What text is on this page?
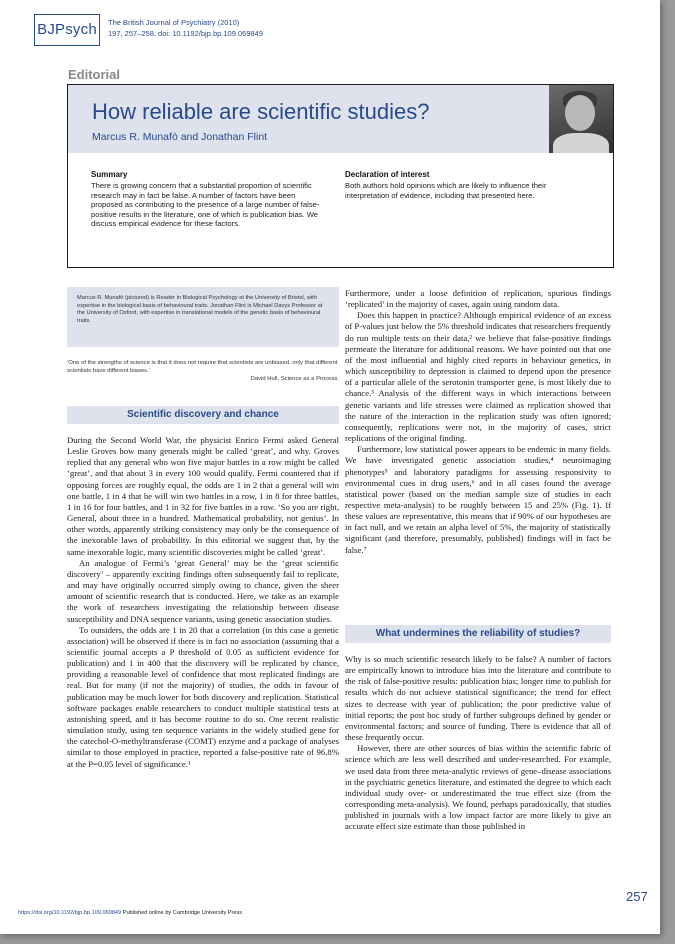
BJPsych	The British Journal of Psychiatry (2010)
197, 257–258. doi: 10.1192/bjp.bp.109.069849
Editorial
How reliable are scientific studies?
Marcus R. Munafò and Jonathan Flint
Summary
There is growing concern that a substantial proportion of scientific research may in fact be false. A number of factors have been proposed as contributing to the presence of a large number of false-positive results in the literature, one of which is publication bias. We discuss empirical evidence for these factors.
Declaration of interest
Both authors hold opinions which are likely to influence their interpretation of evidence, including that presented here.

Marcus R. Munafò (pictured) is Reader in Biological Psychology at the University of Bristol, with expertise in the biological basis of behavioural traits. Jonathan Flint is Michael Davys Professor at the University of Oxford, with expertise in translational models of the genetic basis of behavioural traits.

‘One of the strengths of science is that it does not require that scientists are unbiased, only that different scientists have different biases.’
David Hull, Science as a Process.
Scientific discovery and chance

During the Second World War, the physicist Enrico Fermi asked General Leslie Groves how many generals might be called ‘great’, and why. Groves replied that any general who won five major battles in a row might be called ‘great’, and that about 3 in every 100 would qualify. Fermi countered that if opposing forces are roughly equal, the odds are 1 in 2 that a general will win one battle, 1 in 4 that he will win two battles in a row, 1 in 8 for three battles, 1 in 16 for four battles, and 1 in 32 for five battles in a row. ‘So you are right, General, about three in a hundred. Mathematical probability, not genius’. In other words, apparently striking consistency may only be the consequence of the inexorable laws of probability. In this editorial we suggest that, by the same inexorable logic, many scientific discoveries might be called ‘great’.

An analogue of Fermi’s ‘great General’ may be the ‘great scientific discovery’ – apparently exciting findings often subsequently fail to replicate, and may have originally occurred simply owing to chance, given the sheer amount of scientific research that is conducted. Here, we take as an example the work of researchers investigating the relationship between disease susceptibility and DNA sequence variants, using genetic association studies.

To outsiders, the odds are 1 in 20 that a correlation (in this case a genetic association) will be observed if there is in fact no association (assuming that a scientific journal accepts a P threshold of 0.05 as sufficient evidence for publication) and 1 in 400 that the discovery will be replicated by chance, providing a reasonable level of confidence that most replicated findings are real. But for many (if not the majority) of studies, the odds in favour of publication may be much lower for both discovery and replication. Statistical software packages enable researchers to conduct multiple statistical tests at astonishing speed, and it has become routine to do so. One recent realistic simulation study, using ten sequence variants in the widely studied gene for the catechol-O-methyltransferase (COMT) enzyme and a package of analyses similar to those employed in practice, reported a false-positive rate of 96.8% at the P=0.05 level of significance.¹

Furthermore, under a loose definition of replication, spurious findings ‘replicated’ in the majority of cases, again using random data.

Does this happen in practice? Although empirical evidence of an excess of P-values just below the 5% threshold indicates that researchers frequently do run multiple tests on their data,² we believe that false-positive findings permeate the literature for additional reasons. We have pointed out that one of the most influential and highly cited reports in behaviour genetics, in which susceptibility to depression is claimed to depend upon the presence of a particular allele of the serotonin transporter gene, is most likely due to chance.³ Analysis of the different ways in which interactions between genetic variants and life stresses were claimed as replication showed that the nature of the interaction in the replication study was often ignored; consequently, replications were not, in the majority of cases, strict replications of the original finding.

Furthermore, low statistical power appears to be endemic in many fields. We have investigated genetic association studies,⁴ neuroimaging phenotypes⁵ and laboratory paradigms for assessing responsivity to environmental cues in drug users,⁶ and in all cases found the average statistical power (based on the median sample size of studies in each respective meta-analysis) to be roughly between 15 and 25% (Fig. 1). If these values are representative, this means that if 90% of our hypotheses are in fact null, and we retain an alpha level of 5%, the majority of statistically significant (and therefore, presumably, published) findings will in fact be false.⁷

What undermines the reliability of studies?

Why is so much scientific research likely to be false? A number of factors are empirically known to introduce bias into the literature and contribute to the risk of false-positive results: publication bias; longer time to publish for results which do not achieve statistical significance; the trend for effect sizes to decrease with year of publication; the poor predictive value of initial reports; the post hoc study of further subgroups defined by gender or environmental factors; and source of funding. There is evidence that all of these frequently occur.

However, there are other sources of bias within the scientific fabric of science which are less well described and under-researched. For example, we used data from three meta-analytic reviews of gene–disease associations in the psychiatric genetics literature, and estimated the degree to which each individual study over- or underestimated the true effect size (from the corresponding meta-analysis). We found, perhaps paradoxically, that studies published in journals with a low impact factor are more likely to give an accurate effect size estimate than those published in

https://doi.org/10.1192/bjp.bp.109.069849 Published online by Cambridge University Press
257
